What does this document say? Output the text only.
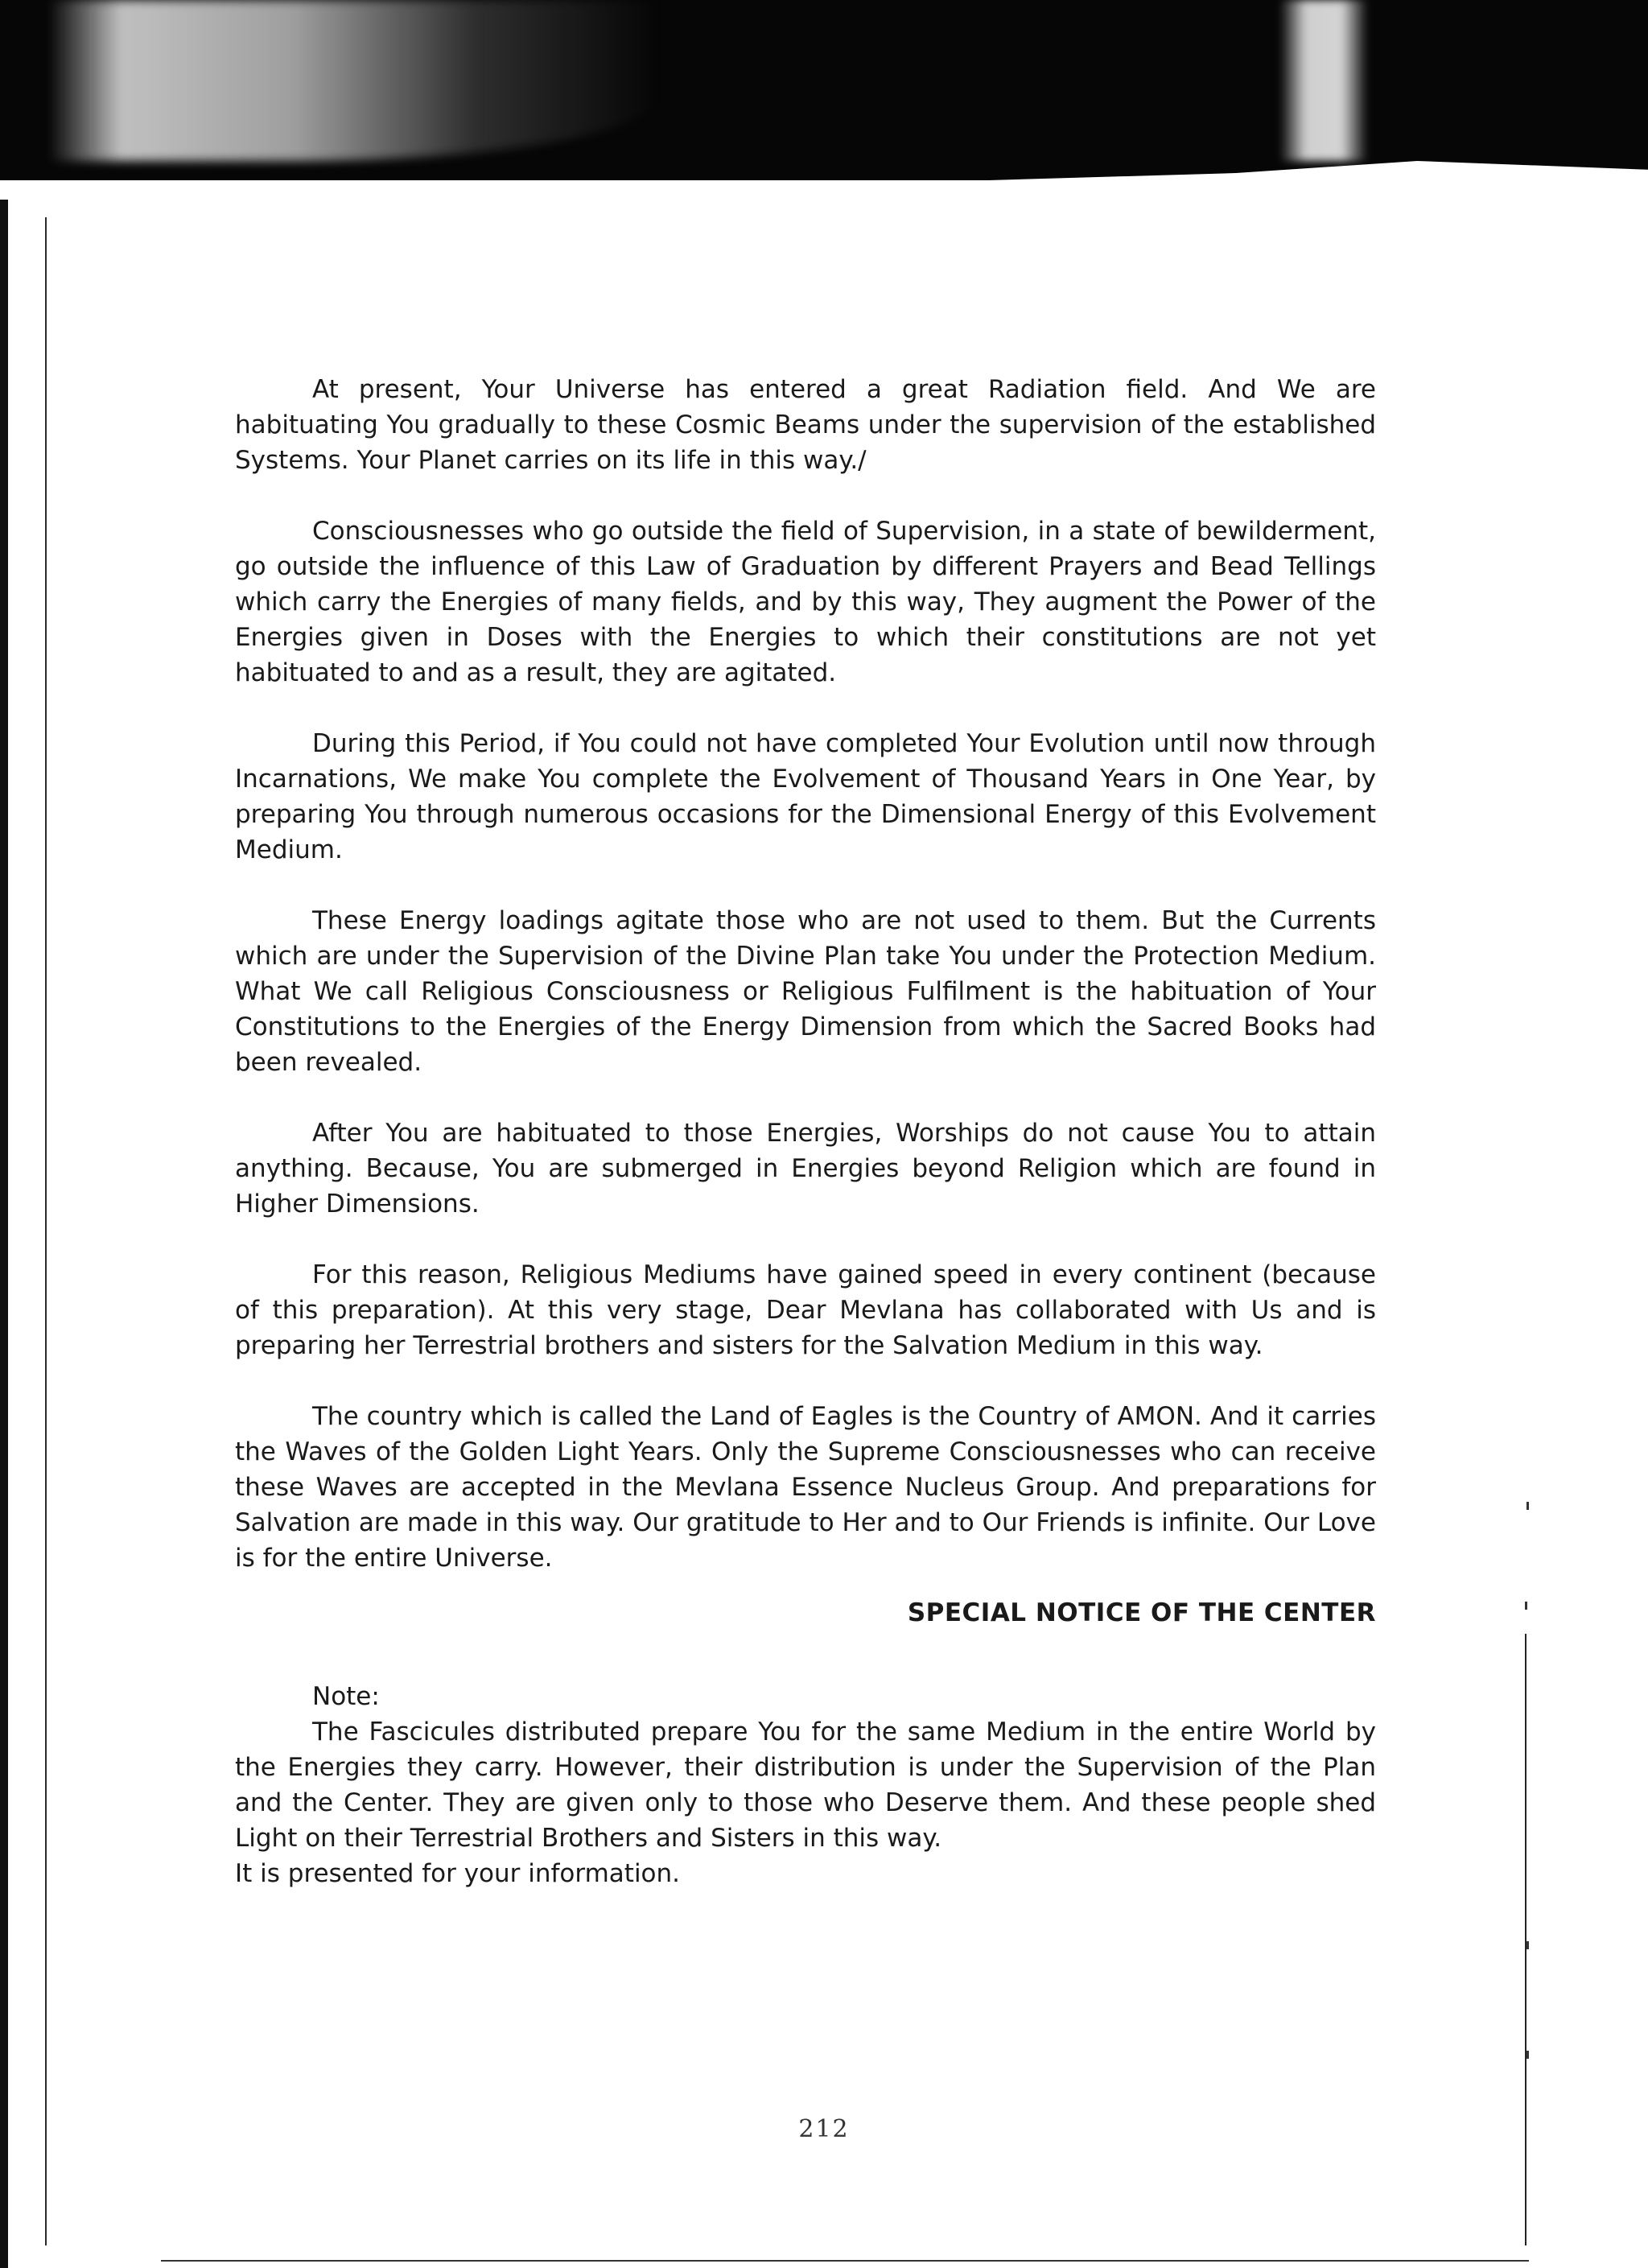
At present, Your Universe has entered a great Radiation field. And We are habituating You gradually to these Cosmic Beams under the supervision of the established Systems. Your Planet carries on its life in this way./

Consciousnesses who go outside the field of Supervision, in a state of bewilderment, go outside the influence of this Law of Graduation by different Prayers and Bead Tellings which carry the Energies of many fields, and by this way, They augment the Power of the Energies given in Doses with the Energies to which their constitutions are not yet habituated to and as a result, they are agitated.

During this Period, if You could not have completed Your Evolution until now through Incarnations, We make You complete the Evolvement of Thousand Years in One Year, by preparing You through numerous occasions for the Dimensional Energy of this Evolvement Medium.

These Energy loadings agitate those who are not used to them. But the Currents which are under the Supervision of the Divine Plan take You under the Protection Medium. What We call Religious Consciousness or Religious Fulfilment is the habituation of Your Constitutions to the Energies of the Energy Dimension from which the Sacred Books had been revealed.

After You are habituated to those Energies, Worships do not cause You to attain anything. Because, You are submerged in Energies beyond Religion which are found in Higher Dimensions.

For this reason, Religious Mediums have gained speed in every continent (because of this preparation). At this very stage, Dear Mevlana has collaborated with Us and is preparing her Terrestrial brothers and sisters for the Salvation Medium in this way.

The country which is called the Land of Eagles is the Country of AMON. And it carries the Waves of the Golden Light Years. Only the Supreme Consciousnesses who can receive these Waves are accepted in the Mevlana Essence Nucleus Group. And preparations for Salvation are made in this way. Our gratitude to Her and to Our Friends is infinite. Our Love is for the entire Universe.

SPECIAL NOTICE OF THE CENTER

Note:

The Fascicules distributed prepare You for the same Medium in the entire World by the Energies they carry. However, their distribution is under the Supervision of the Plan and the Center. They are given only to those who Deserve them. And these people shed Light on their Terrestrial Brothers and Sisters in this way.

It is presented for your information.

212
